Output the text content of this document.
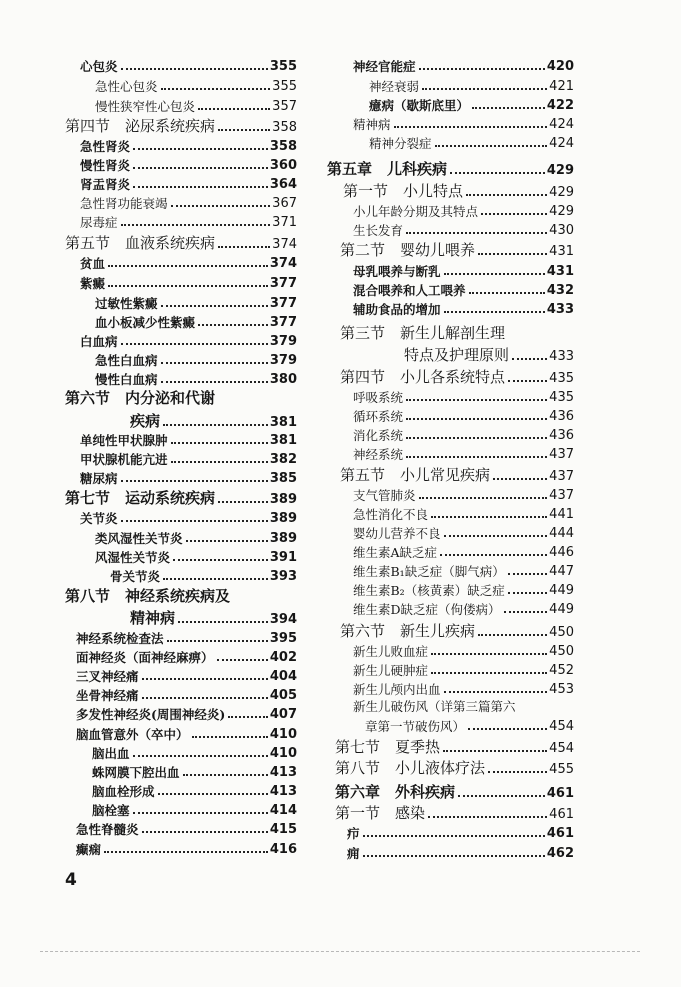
心包炎	355
急性心包炎	355
慢性狭窄性心包炎	357
第四节　泌尿系统疾病	358
急性肾炎	358
慢性肾炎	360
肾盂肾炎	364
急性肾功能衰竭	367
尿毒症	371
第五节　血液系统疾病	374
贫血	374
紫癜	377
过敏性紫癜	377
血小板减少性紫癜	377
白血病	379
急性白血病	379
慢性白血病	380
第六节　内分泌和代谢
疾病	381
单纯性甲状腺肿	381
甲状腺机能亢进	382
糖尿病	385
第七节　运动系统疾病	389
关节炎	389
类风湿性关节炎	389
风湿性关节炎	391
骨关节炎	393
第八节　神经系统疾病及
精神病	394
神经系统检查法	395
面神经炎（面神经麻痹）	402
三叉神经痛	404
坐骨神经痛	405
多发性神经炎(周围神经炎)	407
脑血管意外（卒中）	410
脑出血	410
蛛网膜下腔出血	413
脑血栓形成	413
脑栓塞	414
急性脊髓炎	415
癫痫	416
神经官能症	420
神经衰弱	421
癔病（歇斯底里）	422
精神病	424
精神分裂症	424
第五章　儿科疾病	429
第一节　小儿特点	429
小儿年龄分期及其特点	429
生长发育	430
第二节　婴幼儿喂养	431
母乳喂养与断乳	431
混合喂养和人工喂养	432
辅助食品的增加	433
第三节　新生儿解剖生理
特点及护理原则	433
第四节　小儿各系统特点	435
呼吸系统	435
循环系统	436
消化系统	436
神经系统	437
第五节　小儿常见疾病	437
支气管肺炎	437
急性消化不良	441
婴幼儿营养不良	444
维生素A缺乏症	446
维生素B₁缺乏症（脚气病）	447
维生素B₂（核黄素）缺乏症	449
维生素D缺乏症（佝偻病）	449
第六节　新生儿疾病	450
新生儿败血症	450
新生儿硬肿症	452
新生儿颅内出血	453
新生儿破伤风（详第三篇第六
章第一节破伤风）	454
第七节　夏季热	454
第八节　小儿液体疗法	455
第六章　外科疾病	461
第一节　感染	461
疖	461
痈	462
4
